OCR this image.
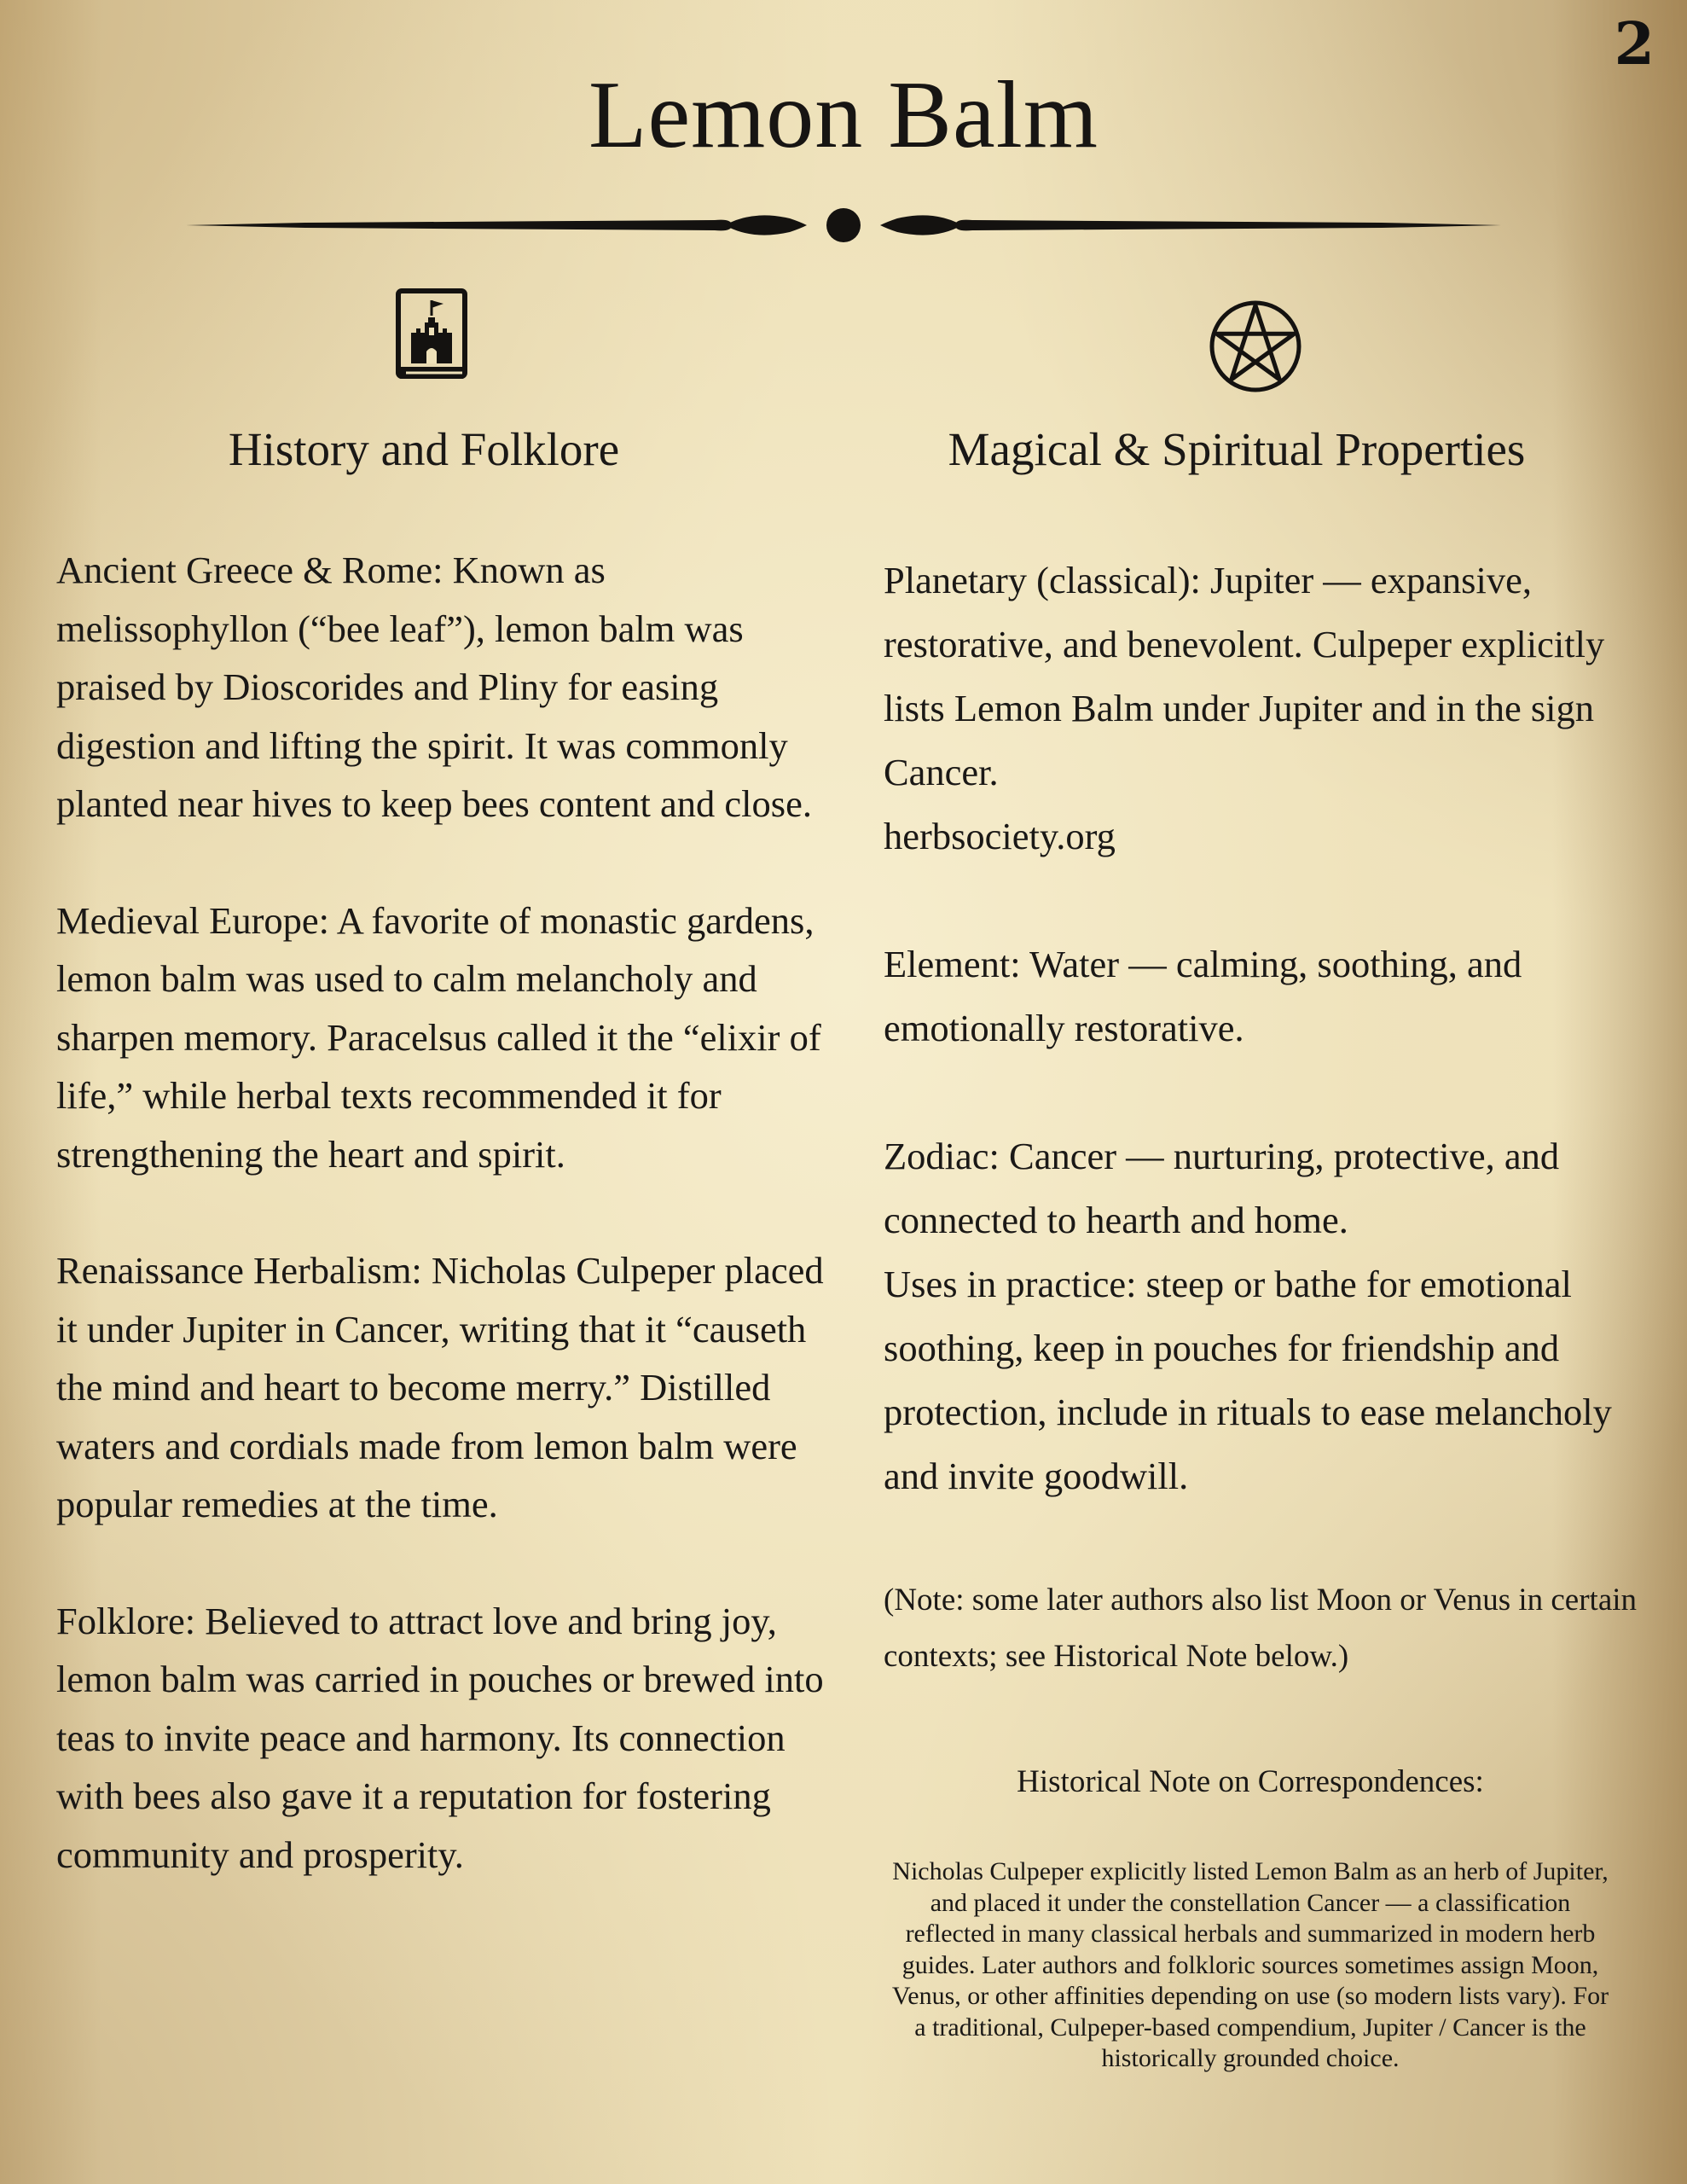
2
Lemon Balm
History and Folklore	Magical & Spiritual Properties

Ancient Greece & Rome: Known as melissophyllon (“bee leaf”), lemon balm was praised by Dioscorides and Pliny for easing digestion and lifting the spirit. It was commonly planted near hives to keep bees content and close.

Medieval Europe: A favorite of monastic gardens, lemon balm was used to calm melancholy and sharpen memory. Paracelsus called it the “elixir of life,” while herbal texts recommended it for strengthening the heart and spirit.

Renaissance Herbalism: Nicholas Culpeper placed it under Jupiter in Cancer, writing that it “causeth the mind and heart to become merry.” Distilled waters and cordials made from lemon balm were popular remedies at the time.

Folklore: Believed to attract love and bring joy, lemon balm was carried in pouches or brewed into teas to invite peace and harmony. Its connection with bees also gave it a reputation for fostering community and prosperity.

Planetary (classical): Jupiter — expansive, restorative, and benevolent. Culpeper explicitly lists Lemon Balm under Jupiter and in the sign Cancer.

herbsociety.org

Element: Water — calming, soothing, and emotionally restorative.

Zodiac: Cancer — nurturing, protective, and connected to hearth and home.

Uses in practice: steep or bathe for emotional soothing, keep in pouches for friendship and protection, include in rituals to ease melancholy and invite goodwill.

(Note: some later authors also list Moon or Venus in certain contexts; see Historical Note below.)

Historical Note on Correspondences:

Nicholas Culpeper explicitly listed Lemon Balm as an herb of Jupiter, and placed it under the constellation Cancer — a classification reflected in many classical herbals and summarized in modern herb guides. Later authors and folkloric sources sometimes assign Moon, Venus, or other affinities depending on use (so modern lists vary). For a traditional, Culpeper-based compendium, Jupiter / Cancer is the historically grounded choice.
